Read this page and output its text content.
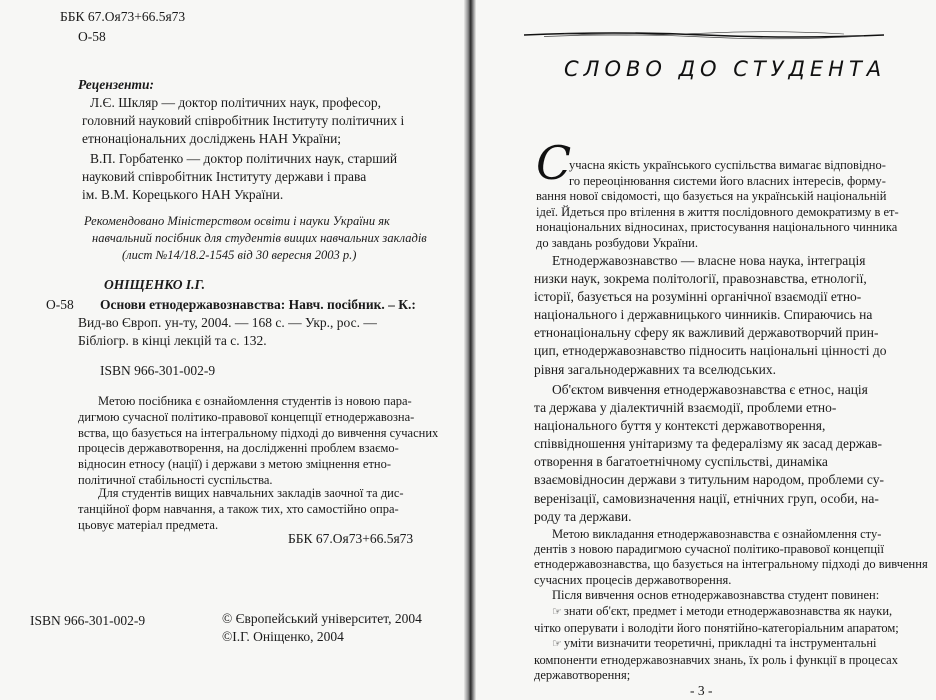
ББК 67.Оя73+66.5я73
О-58
Рецензенти:
Л.Є. Шкляр — доктор політичних наук, професор,
головний науковий співробітник Інституту політичних і
етнонаціональних досліджень НАН України;
В.П. Горбатенко — доктор політичних наук, старший
науковий співробітник Інституту держави і права
ім. В.М. Корецького НАН України.
Рекомендовано Міністерством освіти і науки України як
навчальний посібник для студентів вищих навчальних закладів
(лист №14/18.2-1545 від 30 вересня 2003 р.)
ОНІЩЕНКО І.Г.
О-58 Основи етнодержавознавства: Навч. посібник. – К.:
Вид-во Європ. ун-ту, 2004. — 168 с. — Укр., рос. —
Бібліогр. в кінці лекцій та с. 132.
ISBN 966-301-002-9
Метою посібника є ознайомлення студентів із новою пара-
дигмою сучасної політико-правової концепції етнодержавозна-
вства, що базується на інтегральному підході до вивчення сучасних
процесів державотворення, на дослідженні проблем взаємо-
відносин етносу (нації) і держави з метою зміцнення етно-
політичної стабільності суспільства.
Для студентів вищих навчальних закладів заочної та дис-
танційної форм навчання, а також тих, хто самостійно опра-
цьовує матеріал предмета.
ББК 67.Оя73+66.5я73
ISBN 966-301-002-9	© Європейський університет, 2004
©І.Г. Оніщенко, 2004
СЛОВО ДО СТУДЕНТА
С
учасна якість українського суспільства вимагає відповідно-
го переоцінювання системи його власних інтересів, форму-
вання нової свідомості, що базується на українській національній
ідеї. Йдеться про втілення в життя послідовного демократизму в ет-
нонаціональних відносинах, пристосування національного чинника
до завдань розбудови України.
Етнодержавознавство — власне нова наука, інтеграція
низки наук, зокрема політології, правознавства, етнології,
історії, базується на розумінні органічної взаємодії етно-
національного і державницького чинників. Спираючись на
етнонаціональну сферу як важливий державотворчий прин-
цип, етнодержавознавство підносить національні цінності до
рівня загальнодержавних та вселюдських.
Об'єктом вивчення етнодержавознавства є етнос, нація
та держава у діалектичній взаємодії, проблеми етно-
національного буття у контексті державотворення,
співвідношення унітаризму та федералізму як засад держав-
отворення в багатоетнічному суспільстві, динаміка
взаємовідносин держави з титульним народом, проблеми су-
веренізації, самовизначення нації, етнічних груп, особи, на-
роду та держави.
Метою викладання етнодержавознавства є ознайомлення сту-
дентів з новою парадигмою сучасної політико-правової концепції
етнодержавознавства, що базується на інтегральному підході до вивчення
сучасних процесів державотворення.
Після вивчення основ етнодержавознавства студент повинен:
☞ знати об'єкт, предмет і методи етнодержавознавства як науки,
чітко оперувати і володіти його понятійно-категоріальним апаратом;
☞ уміти визначити теоретичні, прикладні та інструментальні
компоненти етнодержавознавчих знань, їх роль і функції в процесах
державотворення;
- 3 -
